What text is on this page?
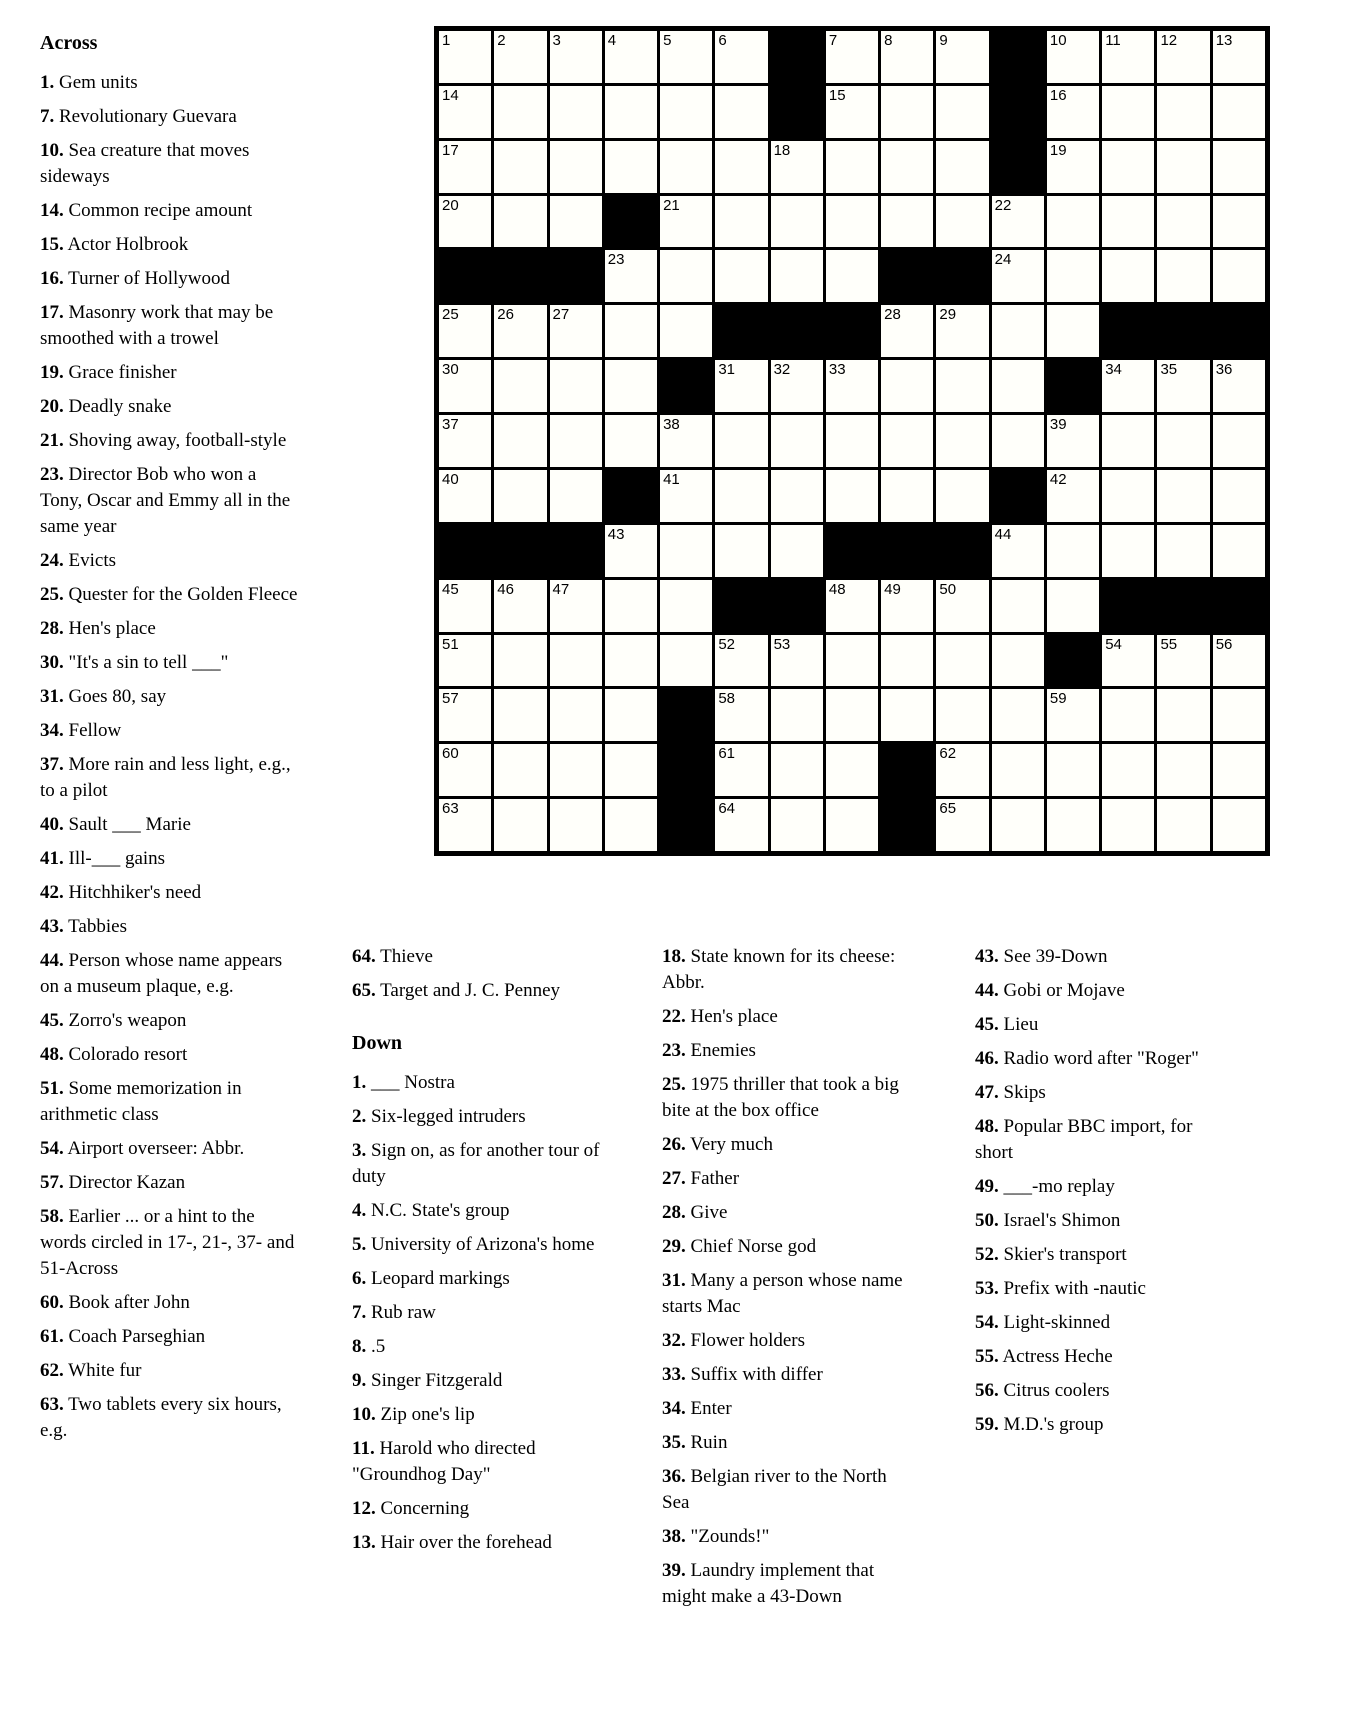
1	2	3	4	5	6	7	8	9	10	11	12	13
14	15	16
17	18	19
20	21	22
23	24
25	26	27	28	29
30	31	32	33	34	35	36
37	38	39
40	41	42
43	44
45	46	47	48	49	50
51	52	53	54	55	56
57	58	59
60	61	62
63	64	65
Across

1. Gem units

7. Revolutionary Guevara

10. Sea creature that moves sideways

14. Common recipe amount

15. Actor Holbrook

16. Turner of Hollywood

17. Masonry work that may be smoothed with a trowel

19. Grace finisher

20. Deadly snake

21. Shoving away, football-style

23. Director Bob who won a Tony, Oscar and Emmy all in the same year

24. Evicts

25. Quester for the Golden Fleece

28. Hen's place

30. "It's a sin to tell ___"

31. Goes 80, say

34. Fellow

37. More rain and less light, e.g., to a pilot

40. Sault ___ Marie

41. Ill-___ gains

42. Hitchhiker's need

43. Tabbies

44. Person whose name appears on a museum plaque, e.g.

45. Zorro's weapon

48. Colorado resort

51. Some memorization in arithmetic class

54. Airport overseer: Abbr.

57. Director Kazan

58. Earlier ... or a hint to the words circled in 17-, 21-, 37- and 51-Across

60. Book after John

61. Coach Parseghian

62. White fur

63. Two tablets every six hours, e.g.

64. Thieve

65. Target and J. C. Penney

Down

1. ___ Nostra

2. Six-legged intruders

3. Sign on, as for another tour of duty

4. N.C. State's group

5. University of Arizona's home

6. Leopard markings

7. Rub raw

8. .5

9. Singer Fitzgerald

10. Zip one's lip

11. Harold who directed "Groundhog Day"

12. Concerning

13. Hair over the forehead

18. State known for its cheese: Abbr.

22. Hen's place

23. Enemies

25. 1975 thriller that took a big bite at the box office

26. Very much

27. Father

28. Give

29. Chief Norse god

31. Many a person whose name starts Mac

32. Flower holders

33. Suffix with differ

34. Enter

35. Ruin

36. Belgian river to the North Sea

38. "Zounds!"

39. Laundry implement that might make a 43-Down

43. See 39-Down

44. Gobi or Mojave

45. Lieu

46. Radio word after "Roger"

47. Skips

48. Popular BBC import, for short

49. ___-mo replay

50. Israel's Shimon

52. Skier's transport

53. Prefix with -nautic

54. Light-skinned

55. Actress Heche

56. Citrus coolers

59. M.D.'s group
